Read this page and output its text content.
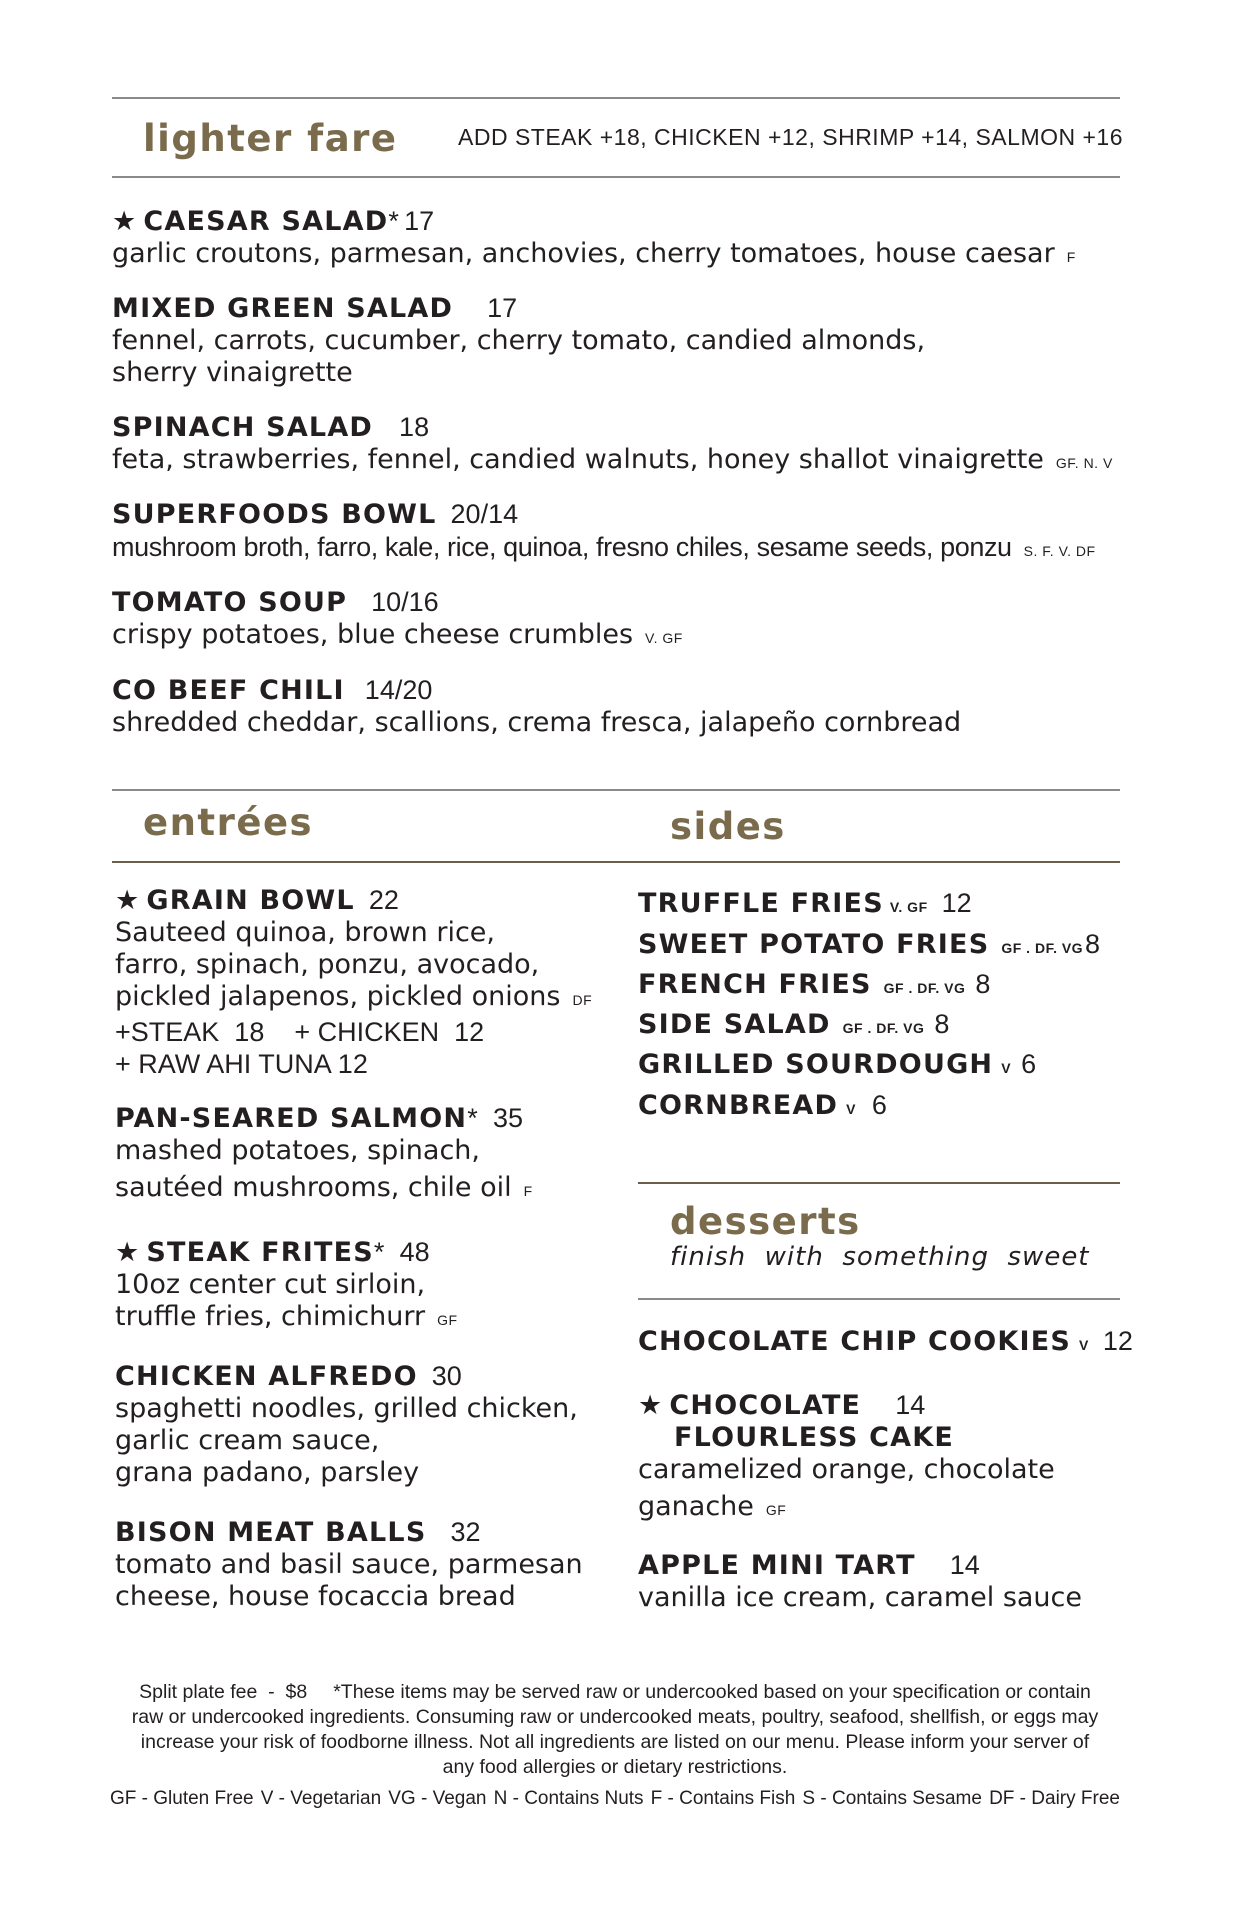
lighter fare	ADD STEAK +18, CHICKEN +12, SHRIMP +14, SALMON +16
★ CAESAR SALAD* 17
garlic croutons, parmesan, anchovies, cherry tomatoes, house caesar F
MIXED GREEN SALAD 17
fennel, carrots, cucumber, cherry tomato, candied almonds,
sherry vinaigrette
SPINACH SALAD 18
feta, strawberries, fennel, candied walnuts, honey shallot vinaigrette GF. N. V
SUPERFOODS BOWL 20/14
mushroom broth, farro, kale, rice, quinoa, fresno chiles, sesame seeds, ponzu S. F. V. DF
TOMATO SOUP 10/16
crispy potatoes, blue cheese crumbles V. GF
CO BEEF CHILI 14/20
shredded cheddar, scallions, crema fresca, jalapeño cornbread
entrées	sides
★ GRAIN BOWL 22
Sauteed quinoa, brown rice,
farro, spinach, ponzu, avocado,
pickled jalapenos, pickled onions DF
+STEAK  18    + CHICKEN  12
+ RAW AHI TUNA 12
PAN-SEARED SALMON* 35
mashed potatoes, spinach,
sautéed mushrooms, chile oil F
★ STEAK FRITES* 48
10oz center cut sirloin,
truffle fries, chimichurr GF
CHICKEN ALFREDO 30
spaghetti noodles, grilled chicken,
garlic cream sauce,
grana padano, parsley
BISON MEAT BALLS 32
tomato and basil sauce, parmesan
cheese, house focaccia bread
TRUFFLE FRIES V. GF 12
SWEET POTATO FRIES GF . DF. VG 8
FRENCH FRIES GF . DF. VG 8
SIDE SALAD GF . DF. VG 8
GRILLED SOURDOUGH V 6
CORNBREAD V 6
desserts
finish  with  something  sweet
CHOCOLATE CHIP COOKIES V 12
★ CHOCOLATE 14
FLOURLESS CAKE
caramelized orange, chocolate
ganache GF
APPLE MINI TART 14
vanilla ice cream, caramel sauce
Split plate fee  -  $8 *These items may be served raw or undercooked based on your specification or contain
raw or undercooked ingredients. Consuming raw or undercooked meats, poultry, seafood, shellfish, or eggs may
increase your risk of foodborne illness. Not all ingredients are listed on our menu. Please inform your server of
any food allergies or dietary restrictions.
GF - Gluten Free V - Vegetarian VG - Vegan N - Contains Nuts F - Contains Fish S - Contains Sesame DF - Dairy Free
